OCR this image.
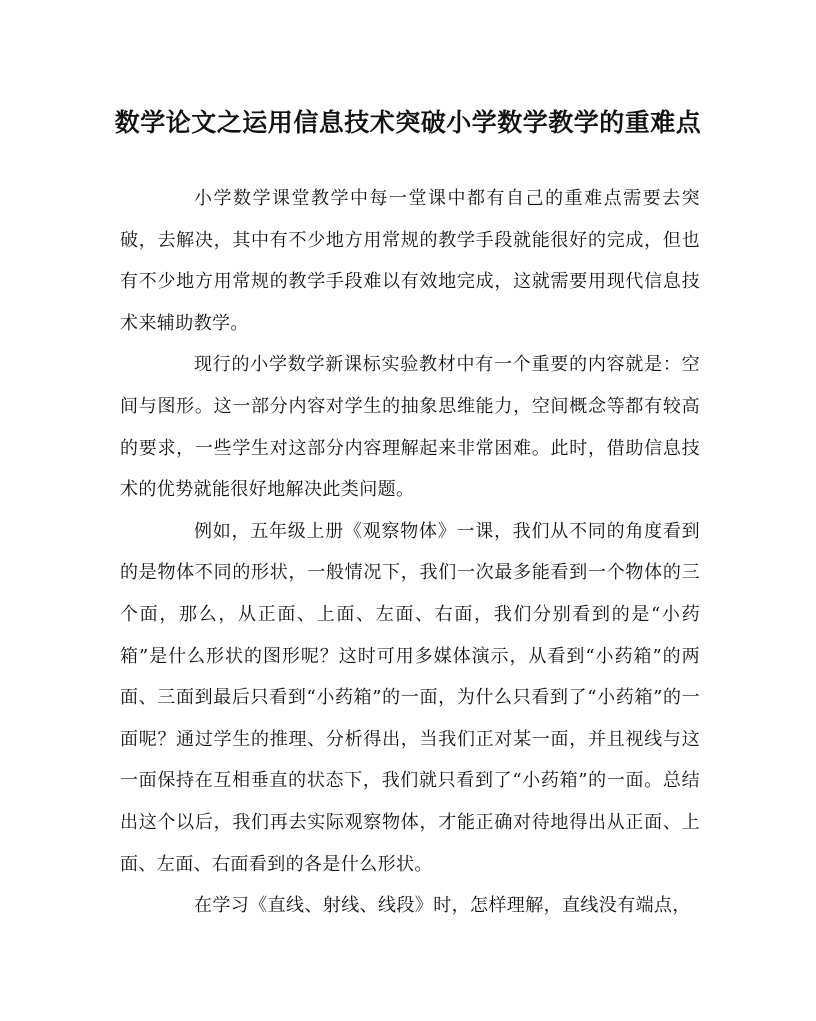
数学论文之运用信息技术突破小学数学教学的重难点

小学数学课堂教学中每一堂课中都有自己的重难点需要去突破，去解决，其中有不少地方用常规的教学手段就能很好的完成，但也有不少地方用常规的教学手段难以有效地完成，这就需要用现代信息技术来辅助教学。

现行的小学数学新课标实验教材中有一个重要的内容就是：空间与图形。这一部分内容对学生的抽象思维能力，空间概念等都有较高的要求，一些学生对这部分内容理解起来非常困难。此时，借助信息技术的优势就能很好地解决此类问题。

例如，五年级上册《观察物体》一课，我们从不同的角度看到的是物体不同的形状，一般情况下，我们一次最多能看到一个物体的三个面，那么，从正面、上面、左面、右面，我们分别看到的是“小药箱”是什么形状的图形呢？这时可用多媒体演示，从看到“小药箱”的两面、三面到最后只看到“小药箱”的一面，为什么只看到了“小药箱”的一面呢？通过学生的推理、分析得出，当我们正对某一面，并且视线与这一面保持在互相垂直的状态下，我们就只看到了“小药箱”的一面。总结出这个以后，我们再去实际观察物体，才能正确对待地得出从正面、上面、左面、右面看到的各是什么形状。

在学习《直线、射线、线段》时，怎样理解，直线没有端点，
